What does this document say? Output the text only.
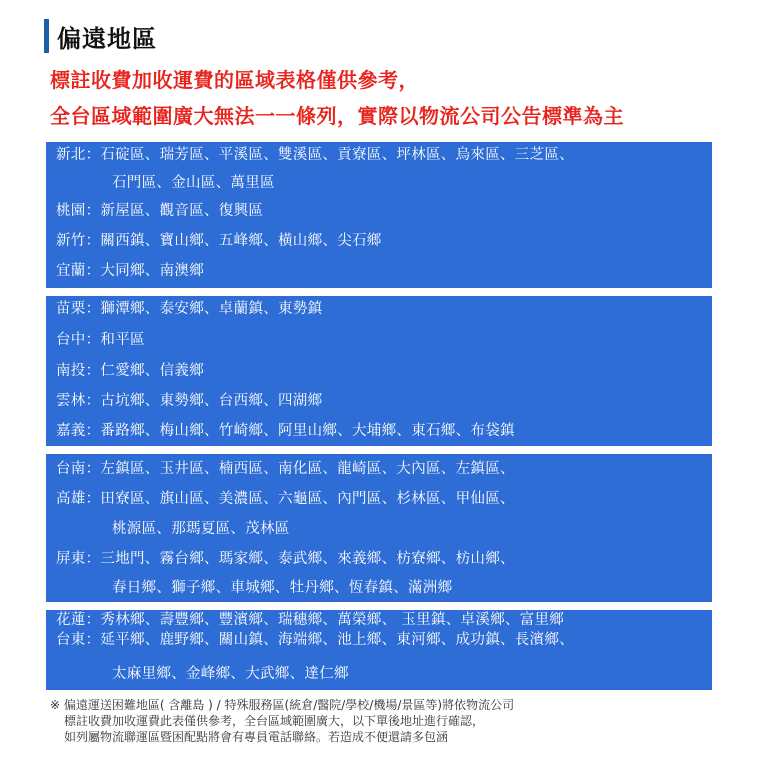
偏遠地區
標註收費加收運費的區域表格僅供參考，
全台區域範圍廣大無法一一條列，實際以物流公司公告標準為主
新北：石碇區、瑞芳區、平溪區、雙溪區、貢寮區、坪林區、烏來區、三芝區、
石門區、金山區、萬里區
桃園：新屋區、觀音區、復興區
新竹：關西鎮、寶山鄉、五峰鄉、橫山鄉、尖石鄉
宜蘭：大同鄉、南澳鄉
苗栗：獅潭鄉、泰安鄉、卓蘭鎮、東勢鎮
台中：和平區
南投：仁愛鄉、信義鄉
雲林：古坑鄉、東勢鄉、台西鄉、四湖鄉
嘉義：番路鄉、梅山鄉、竹崎鄉、阿里山鄉、大埔鄉、東石鄉、布袋鎮
台南：左鎮區、玉井區、楠西區、南化區、龍崎區、大內區、左鎮區、
高雄：田寮區、旗山區、美濃區、六龜區、內門區、杉林區、甲仙區、
桃源區、那瑪夏區、茂林區
屏東：三地門、霧台鄉、瑪家鄉、泰武鄉、來義鄉、枋寮鄉、枋山鄉、
春日鄉、獅子鄉、車城鄉、牡丹鄉、恆春鎮、滿洲鄉
花蓮：秀林鄉、壽豐鄉、豐濱鄉、瑞穗鄉、萬榮鄉、 玉里鎮、卓溪鄉、富里鄉
台東：延平鄉、鹿野鄉、關山鎮、海端鄉、池上鄉、東河鄉、成功鎮、長濱鄉、
太麻里鄉、金峰鄉、大武鄉、達仁鄉
※ 偏遠運送困難地區( 含離島 ) / 特殊服務區(統倉/醫院/學校/機場/景區等)將依物流公司
標註收費加收運費此表僅供參考，全台區域範圍廣大，以下單後地址進行確認，
如列屬物流聯運區暨困配點將會有專員電話聯絡。若造成不便還請多包涵
